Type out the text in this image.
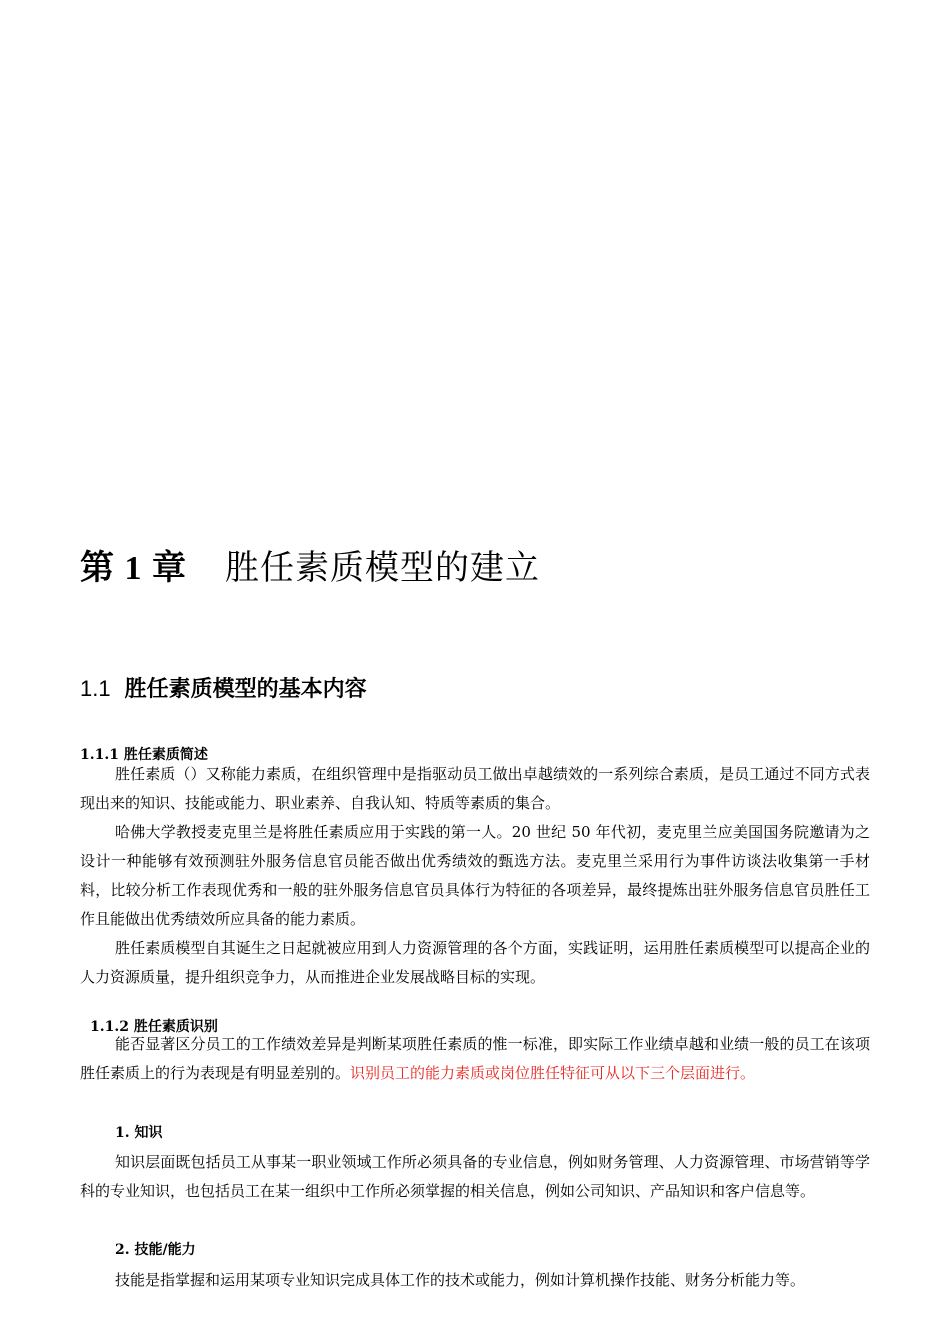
第 1 章 胜任素质模型的建立
1.1 胜任素质模型的基本内容
1.1.1 胜任素质简述

胜任素质（）又称能力素质，在组织管理中是指驱动员工做出卓越绩效的一系列综合素质，是员工通过不同方式表现出来的知识、技能或能力、职业素养、自我认知、特质等素质的集合。

哈佛大学教授麦克里兰是将胜任素质应用于实践的第一人。20 世纪 50 年代初，麦克里兰应美国国务院邀请为之设计一种能够有效预测驻外服务信息官员能否做出优秀绩效的甄选方法。麦克里兰采用行为事件访谈法收集第一手材料，比较分析工作表现优秀和一般的驻外服务信息官员具体行为特征的各项差异，最终提炼出驻外服务信息官员胜任工作且能做出优秀绩效所应具备的能力素质。

胜任素质模型自其诞生之日起就被应用到人力资源管理的各个方面，实践证明，运用胜任素质模型可以提高企业的人力资源质量，提升组织竞争力，从而推进企业发展战略目标的实现。

1.1.2 胜任素质识别

能否显著区分员工的工作绩效差异是判断某项胜任素质的惟一标准，即实际工作业绩卓越和业绩一般的员工在该项胜任素质上的行为表现是有明显差别的。识别员工的能力素质或岗位胜任特征可从以下三个层面进行。

1. 知识

知识层面既包括员工从事某一职业领域工作所必须具备的专业信息，例如财务管理、人力资源管理、市场营销等学科的专业知识，也包括员工在某一组织中工作所必须掌握的相关信息，例如公司知识、产品知识和客户信息等。

2. 技能/能力

技能是指掌握和运用某项专业知识完成具体工作的技术或能力，例如计算机操作技能、财务分析能力等。
